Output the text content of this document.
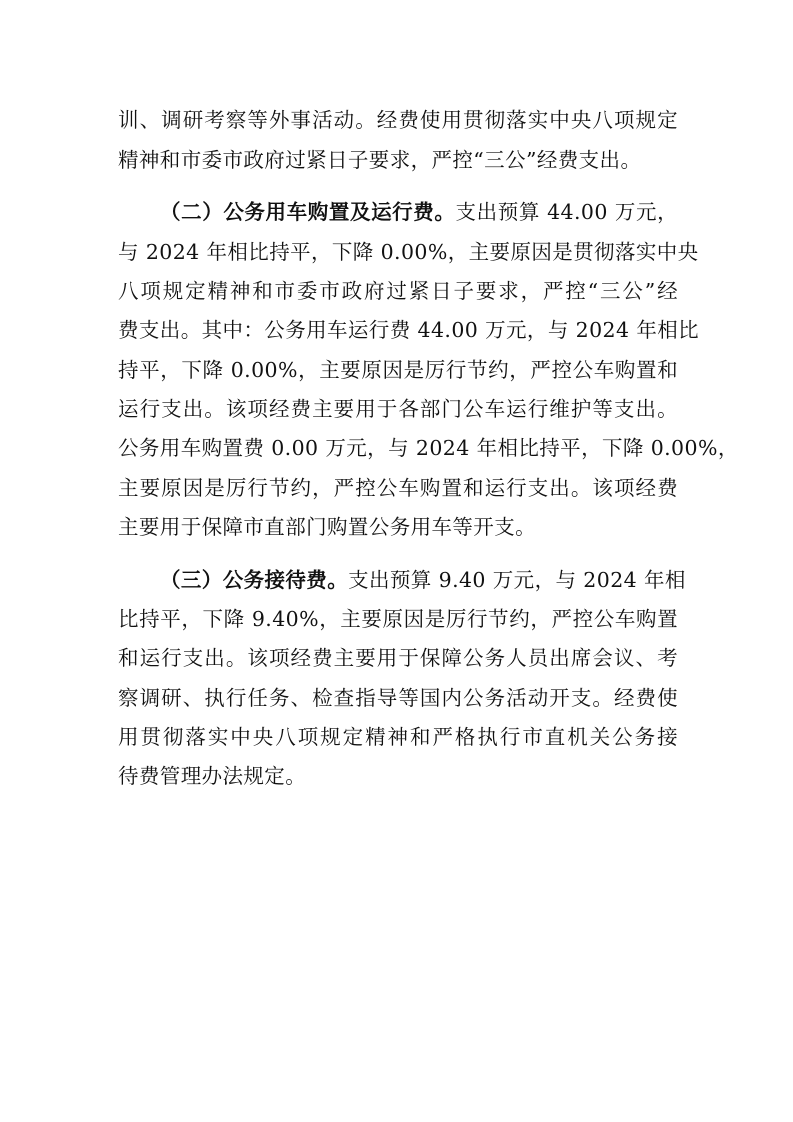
训、调研考察等外事活动。经费使用贯彻落实中央八项规定
精神和市委市政府过紧日子要求，严控“三公”经费支出。
（二）公务用车购置及运行费。支出预算 44.00 万元，
与 2024 年相比持平，下降 0.00%，主要原因是贯彻落实中央
八项规定精神和市委市政府过紧日子要求，严控“三公”经
费支出。其中：公务用车运行费 44.00 万元，与 2024 年相比
持平，下降 0.00%，主要原因是厉行节约，严控公车购置和
运行支出。该项经费主要用于各部门公车运行维护等支出。
公务用车购置费 0.00 万元，与 2024 年相比持平，下降 0.00%，
主要原因是厉行节约，严控公车购置和运行支出。该项经费
主要用于保障市直部门购置公务用车等开支。
（三）公务接待费。支出预算 9.40 万元，与 2024 年相
比持平，下降 9.40%，主要原因是厉行节约，严控公车购置
和运行支出。该项经费主要用于保障公务人员出席会议、考
察调研、执行任务、检查指导等国内公务活动开支。经费使
用贯彻落实中央八项规定精神和严格执行市直机关公务接
待费管理办法规定。
